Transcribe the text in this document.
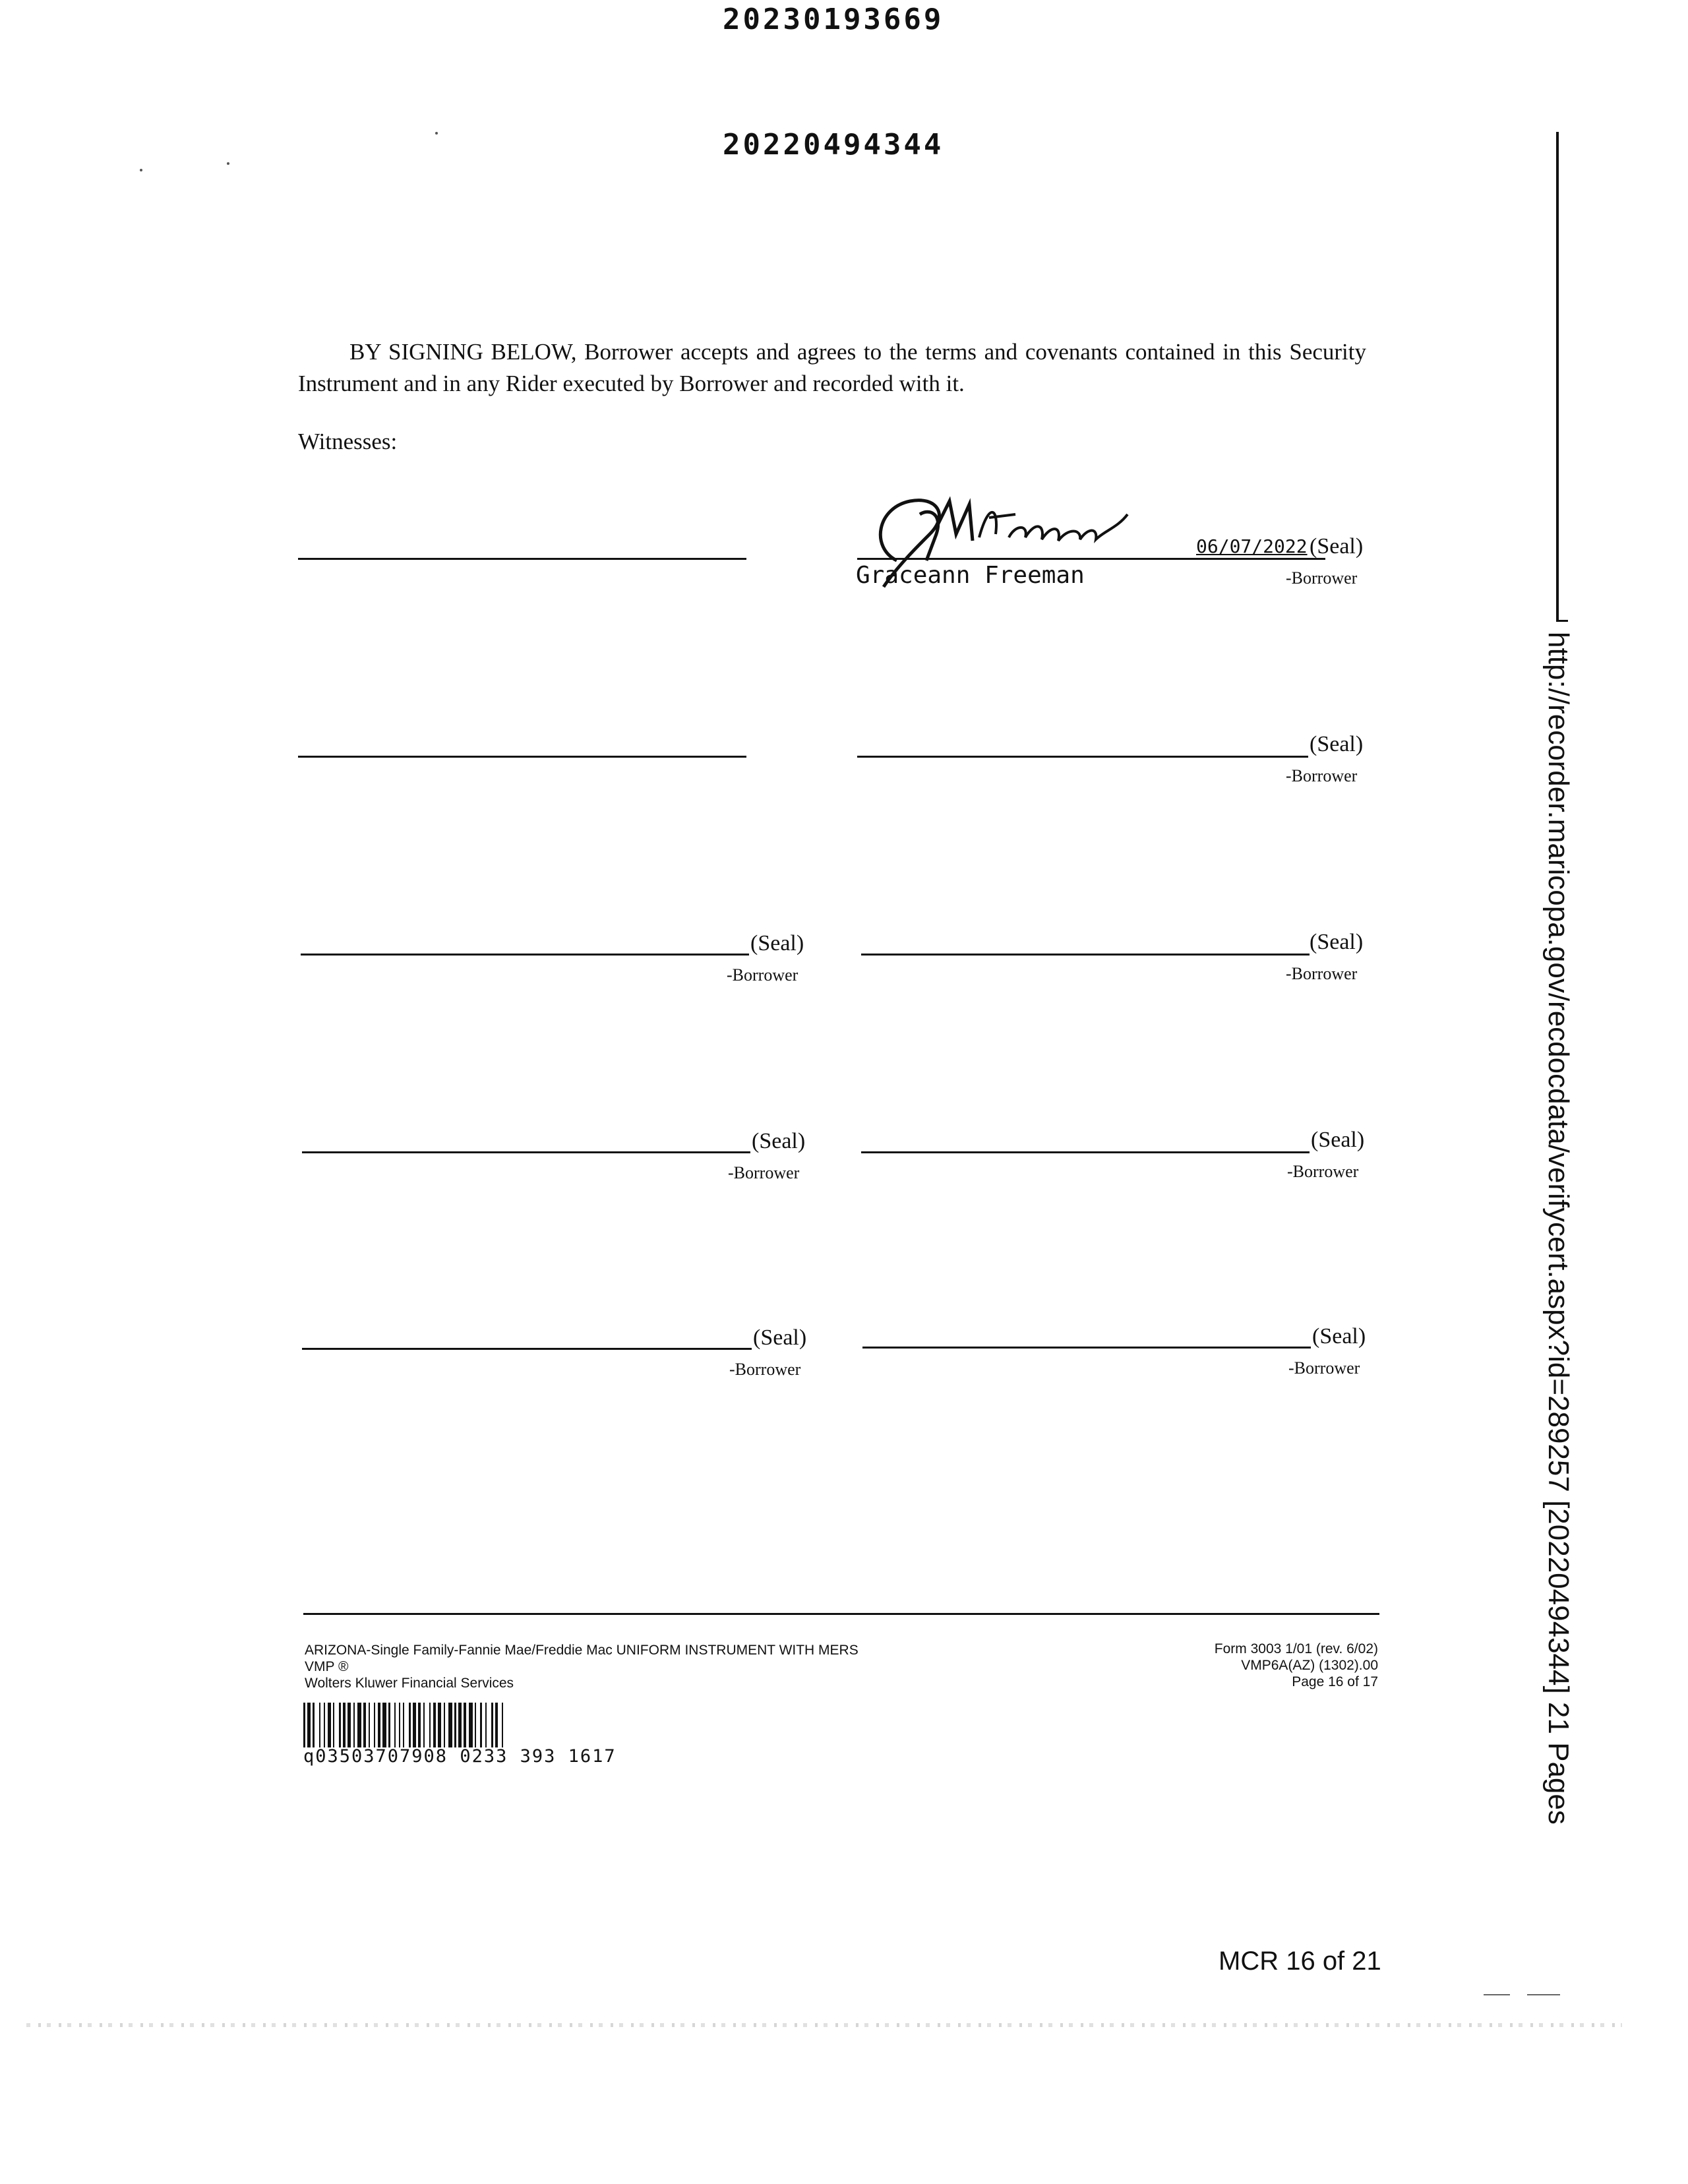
20230193669
20220494344
BY SIGNING BELOW, Borrower accepts and agrees to the terms and covenants contained in this Security Instrument and in any Rider executed by Borrower and recorded with it.
Witnesses:
06/07/2022 (Seal)
Graceann Freeman	-Borrower
(Seal)
-Borrower
(Seal)
-Borrower
(Seal)
-Borrower
(Seal)
-Borrower
(Seal)
-Borrower
(Seal)
-Borrower
(Seal)
-Borrower
ARIZONA-Single Family-Fannie Mae/Freddie Mac UNIFORM INSTRUMENT WITH MERS
VMP ®
Wolters Kluwer Financial Services
Form 3003 1/01 (rev. 6/02)
VMP6A(AZ) (1302).00
Page 16 of 17
q03503707908 0233 393 1617
MCR 16 of 21
http://recorder.maricopa.gov/recdocdata/verifycert.aspx?id=289257 [20220494344] 21 Pages
